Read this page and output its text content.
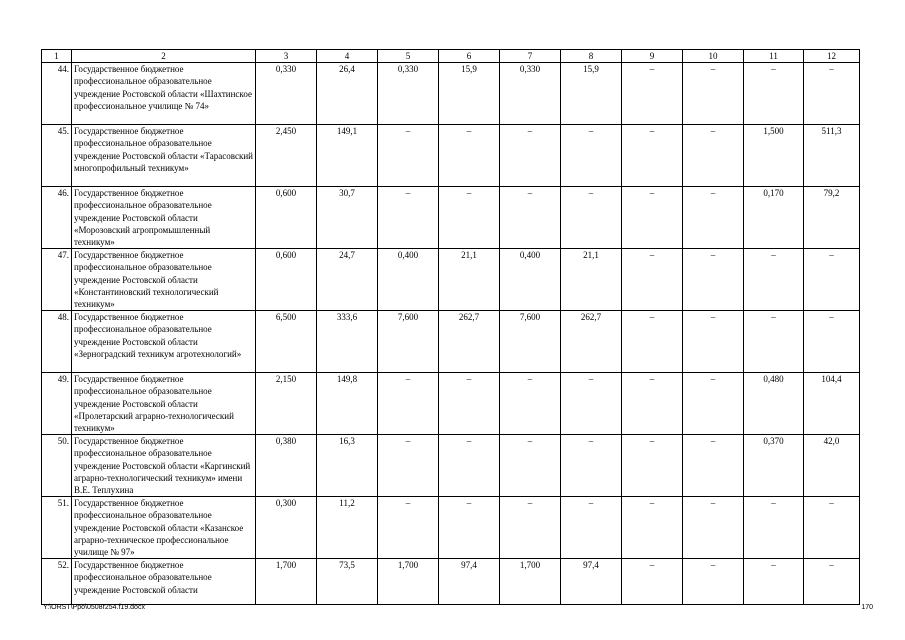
1	2	3	4	5	6	7	8	9	10	11	12
44.	Государственное бюджетное профессиональное образовательное учреждение Ростовской области «Шахтинское профессиональное училище № 74»	0,330	26,4	0,330	15,9	0,330	15,9	–	–	–	–
45.	Государственное бюджетное профессиональное образовательное учреждение Ростовской области «Тарасовский многопрофильный техникум»	2,450	149,1	–	–	–	–	–	–	1,500	511,3
46.	Государственное бюджетное профессиональное образовательное учреждение Ростовской области «Морозовский агропромышленный техникум»	0,600	30,7	–	–	–	–	–	–	0,170	79,2
47.	Государственное бюджетное профессиональное образовательное учреждение Ростовской области «Константиновский технологический техникум»	0,600	24,7	0,400	21,1	0,400	21,1	–	–	–	–
48.	Государственное бюджетное профессиональное образовательное учреждение Ростовской области «Зерноградский техникум агротехнологий»	6,500	333,6	7,600	262,7	7,600	262,7	–	–	–	–
49.	Государственное бюджетное профессиональное образовательное учреждение Ростовской области «Пролетарский аграрно-технологический техникум»	2,150	149,8	–	–	–	–	–	–	0,480	104,4
50.	Государственное бюджетное профессиональное образовательное учреждение Ростовской области «Каргинский аграрно-технологический техникум» имени В.Е. Теплухина	0,380	16,3	–	–	–	–	–	–	0,370	42,0
51.	Государственное бюджетное профессиональное образовательное учреждение Ростовской области «Казанское аграрно-техническое профессиональное училище № 97»	0,300	11,2	–	–	–	–	–	–	–	–
52.	Государственное бюджетное профессиональное образовательное учреждение Ростовской области	1,700	73,5	1,700	97,4	1,700	97,4	–	–	–	–
Y:\ORST\Ppo\0508r254.f19.docx	170
